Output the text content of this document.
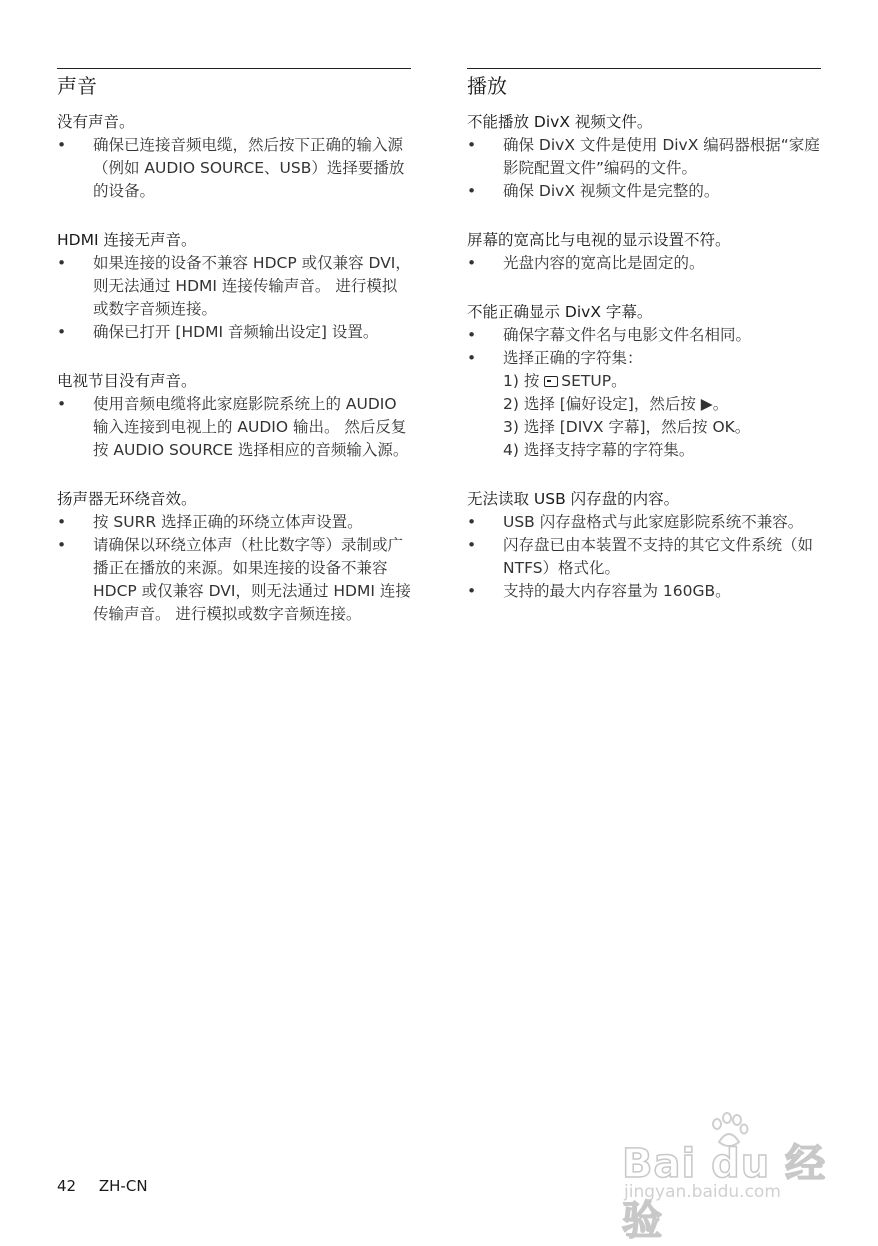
声音

没有声音。

• 确保已连接音频电缆，然后按下正确的输入源（例如 AUDIO SOURCE、USB）选择要播放的设备。

HDMI 连接无声音。

• 如果连接的设备不兼容 HDCP 或仅兼容 DVI，则无法通过 HDMI 连接传输声音。 进行模拟或数字音频连接。
• 确保已打开 [HDMI 音频输出设定] 设置。

电视节目没有声音。

• 使用音频电缆将此家庭影院系统上的 AUDIO 输入连接到电视上的 AUDIO 输出。 然后反复按 AUDIO SOURCE 选择相应的音频输入源。

扬声器无环绕音效。

• 按 SURR 选择正确的环绕立体声设置。
• 请确保以环绕立体声（杜比数字等）录制或广播正在播放的来源。如果连接的设备不兼容 HDCP 或仅兼容 DVI，则无法通过 HDMI 连接传输声音。 进行模拟或数字音频连接。
播放

不能播放 DivX 视频文件。

• 确保 DivX 文件是使用 DivX 编码器根据“家庭影院配置文件”编码的文件。
• 确保 DivX 视频文件是完整的。

屏幕的宽高比与电视的显示设置不符。

• 光盘内容的宽高比是固定的。

不能正确显示 DivX 字幕。

• 确保字幕文件名与电影文件名相同。
• 选择正确的字符集：
1) 按 SETUP。
2) 选择 [偏好设定]，然后按 ▶。
3) 选择 [DIVX 字幕]，然后按 OK。
4) 选择支持字幕的字符集。

无法读取 USB 闪存盘的内容。

• USB 闪存盘格式与此家庭影院系统不兼容。
• 闪存盘已由本装置不支持的其它文件系统（如 NTFS）格式化。
• 支持的最大内存容量为 160GB。
42 ZH-CN	Bai du 经验
jingyan.baidu.com
